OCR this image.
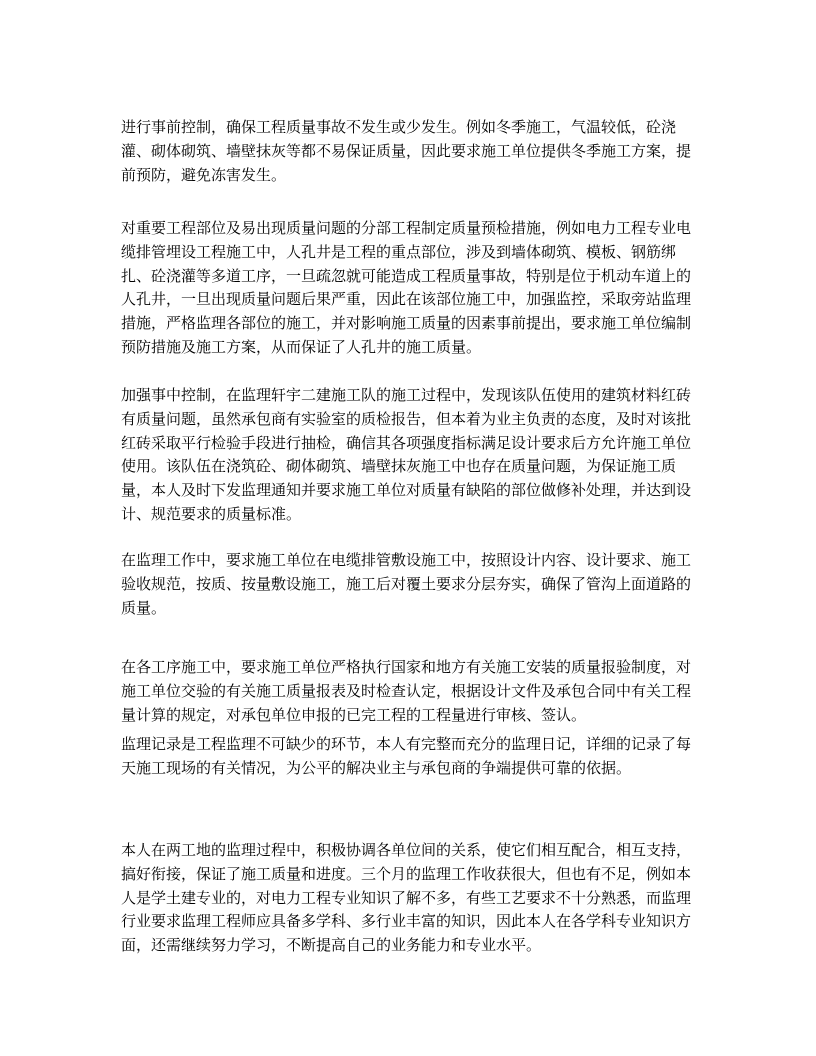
进行事前控制，确保工程质量事故不发生或少发生。例如冬季施工，气温较低，砼浇灌、砌体砌筑、墙壁抹灰等都不易保证质量，因此要求施工单位提供冬季施工方案，提前预防，避免冻害发生。

对重要工程部位及易出现质量问题的分部工程制定质量预检措施，例如电力工程专业电缆排管埋设工程施工中，人孔井是工程的重点部位，涉及到墙体砌筑、模板、钢筋绑扎、砼浇灌等多道工序，一旦疏忽就可能造成工程质量事故，特别是位于机动车道上的人孔井，一旦出现质量问题后果严重，因此在该部位施工中，加强监控，采取旁站监理措施，严格监理各部位的施工，并对影响施工质量的因素事前提出，要求施工单位编制预防措施及施工方案，从而保证了人孔井的施工质量。

加强事中控制，在监理轩宇二建施工队的施工过程中，发现该队伍使用的建筑材料红砖有质量问题，虽然承包商有实验室的质检报告，但本着为业主负责的态度，及时对该批红砖采取平行检验手段进行抽检，确信其各项强度指标满足设计要求后方允许施工单位使用。该队伍在浇筑砼、砌体砌筑、墙壁抹灰施工中也存在质量问题，为保证施工质量，本人及时下发监理通知并要求施工单位对质量有缺陷的部位做修补处理，并达到设计、规范要求的质量标准。

在监理工作中，要求施工单位在电缆排管敷设施工中，按照设计内容、设计要求、施工验收规范，按质、按量敷设施工，施工后对覆土要求分层夯实，确保了管沟上面道路的质量。

在各工序施工中，要求施工单位严格执行国家和地方有关施工安装的质量报验制度，对施工单位交验的有关施工质量报表及时检查认定，根据设计文件及承包合同中有关工程量计算的规定，对承包单位申报的已完工程的工程量进行审核、签认。

监理记录是工程监理不可缺少的环节，本人有完整而充分的监理日记，详细的记录了每天施工现场的有关情况，为公平的解决业主与承包商的争端提供可靠的依据。

本人在两工地的监理过程中，积极协调各单位间的关系，使它们相互配合，相互支持，搞好衔接，保证了施工质量和进度。三个月的监理工作收获很大，但也有不足，例如本人是学土建专业的，对电力工程专业知识了解不多，有些工艺要求不十分熟悉，而监理行业要求监理工程师应具备多学科、多行业丰富的知识，因此本人在各学科专业知识方面，还需继续努力学习，不断提高自己的业务能力和专业水平。
